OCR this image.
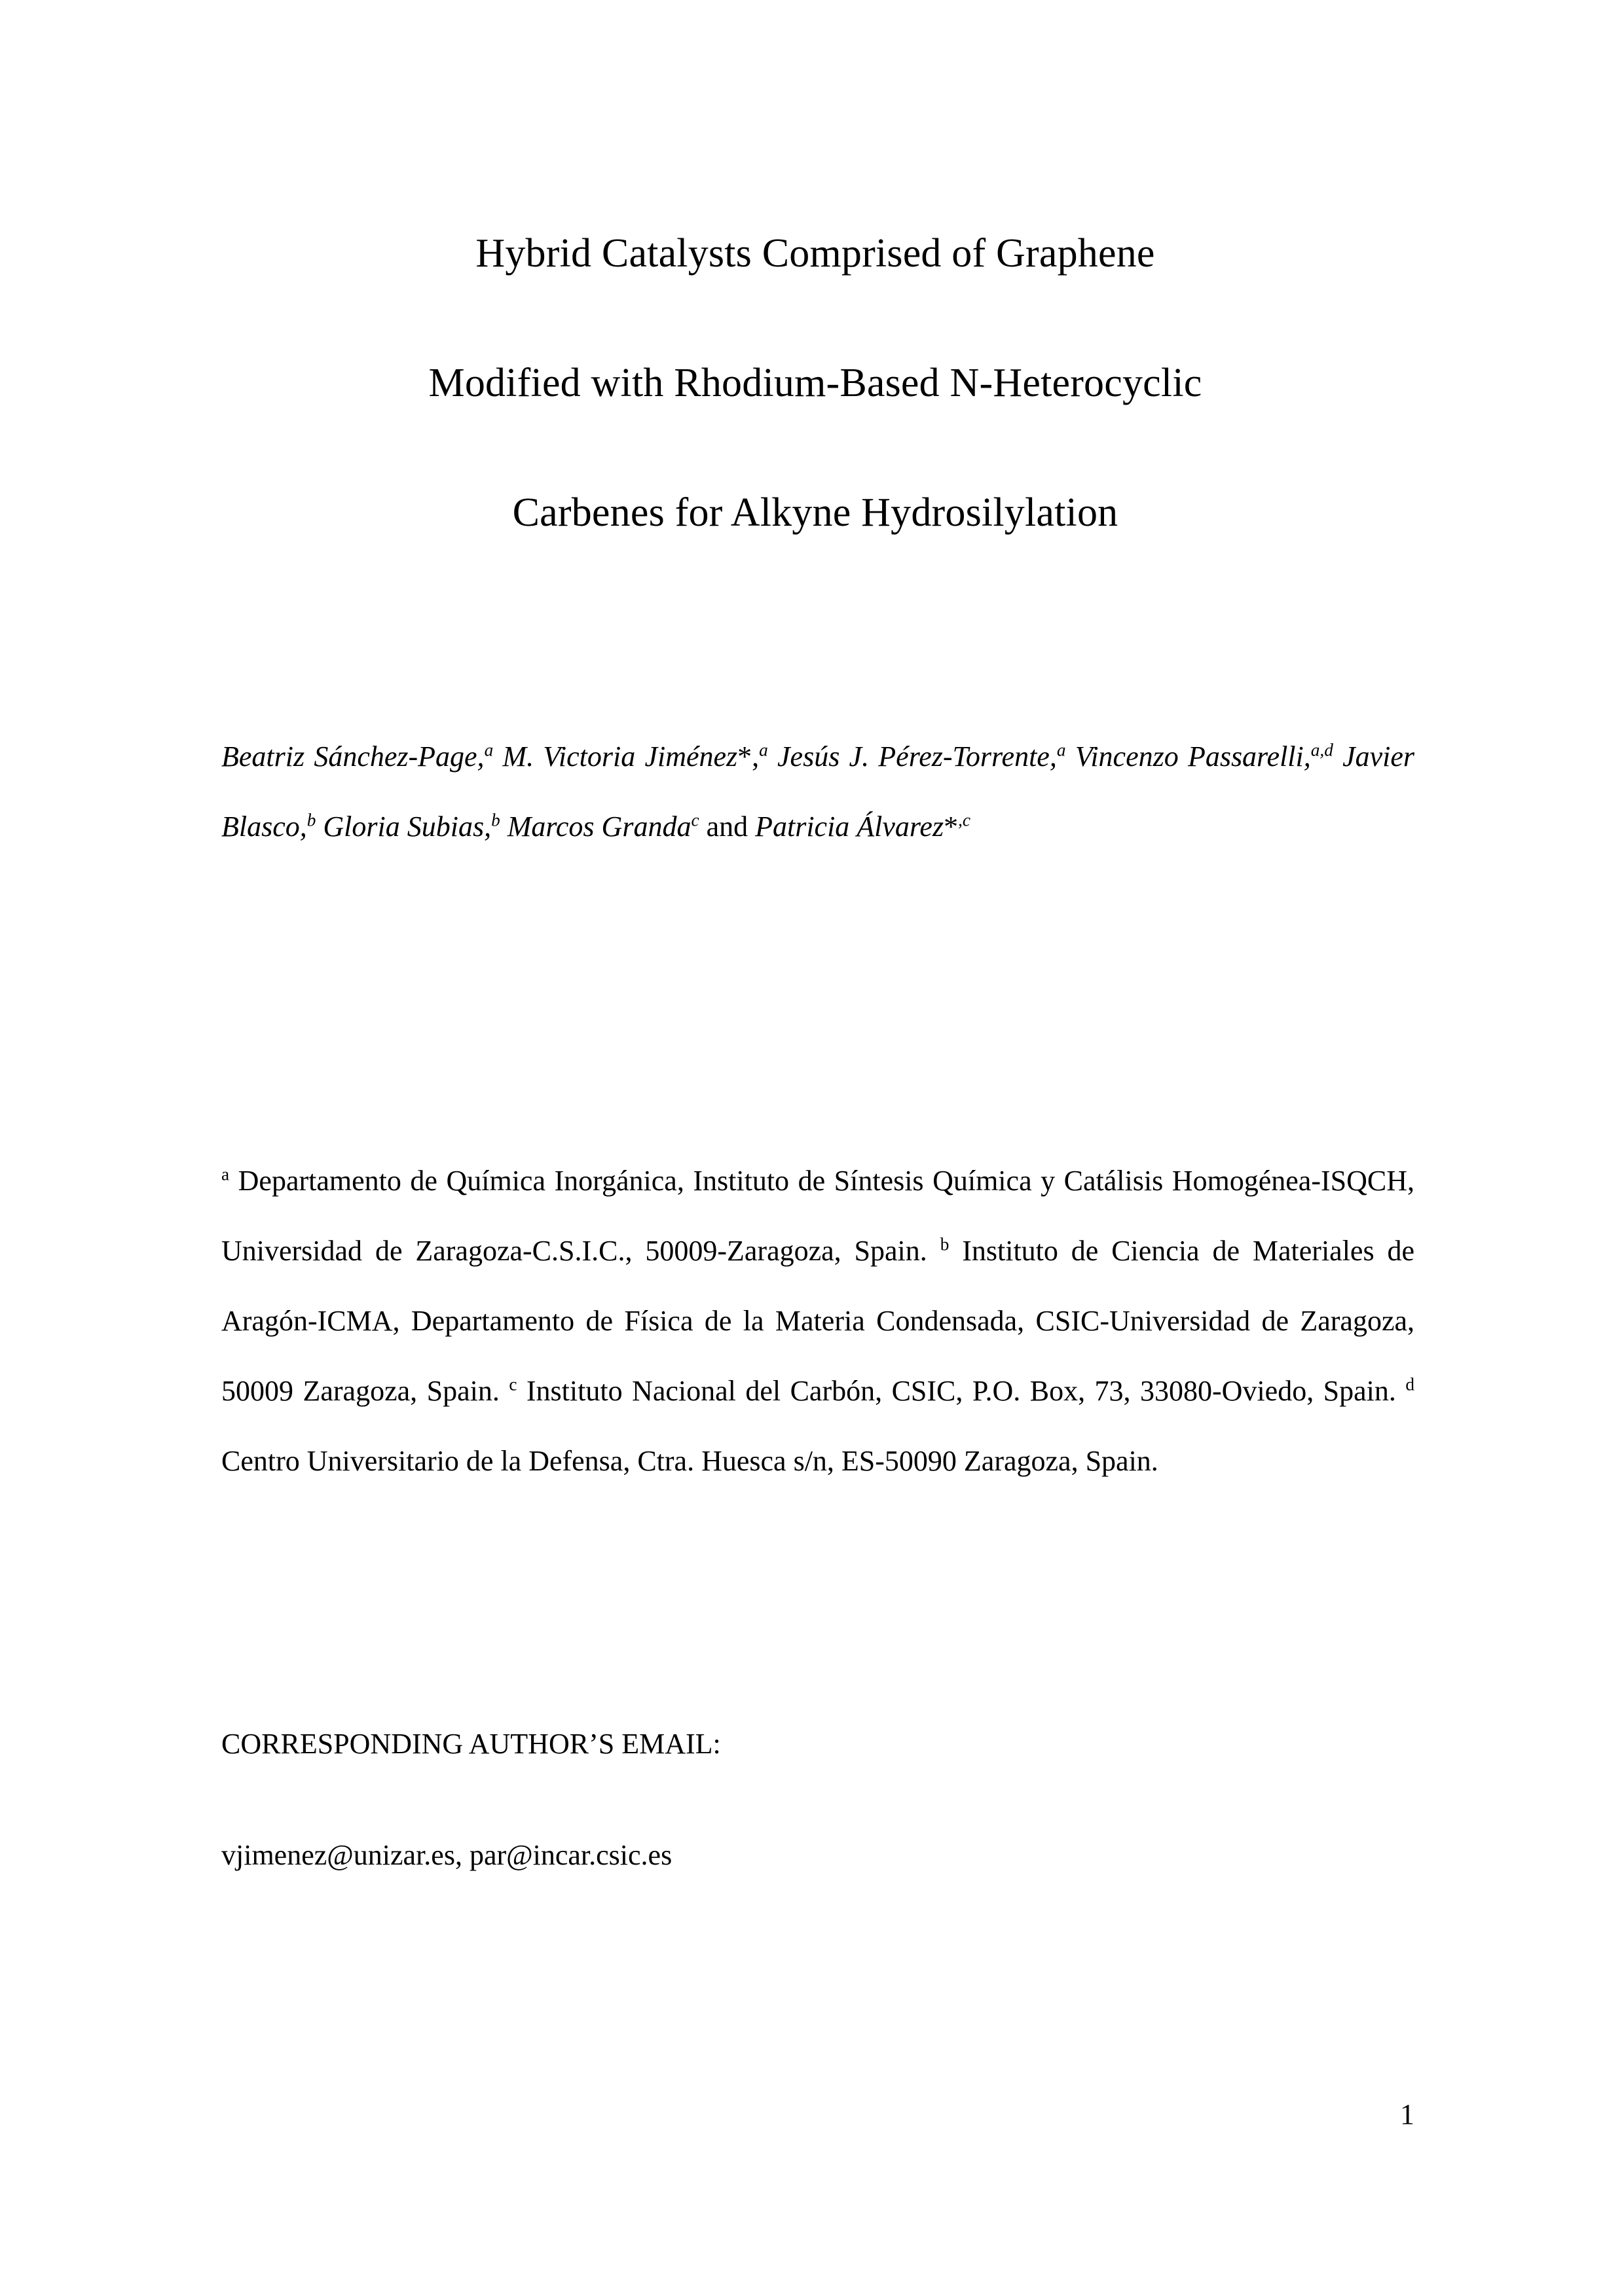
Hybrid Catalysts Comprised of Graphene
Modified with Rhodium-Based N-Heterocyclic
Carbenes for Alkyne Hydrosilylation

Beatriz Sánchez-Page,$^a$ M. Victoria Jiménez*,$^a$ Jesús J. Pérez-Torrente,$^a$ Vincenzo Passarelli,$^{a,d}$ Javier Blasco,$^b$ Gloria Subias,$^b$ Marcos Granda$^c$ and Patricia Álvarez*$^{,c}$

$^a$ Departamento de Química Inorgánica, Instituto de Síntesis Química y Catálisis Homogénea-ISQCH, Universidad de Zaragoza-C.S.I.C., 50009-Zaragoza, Spain. $^b$ Instituto de Ciencia de Materiales de Aragón-ICMA, Departamento de Física de la Materia Condensada, CSIC-Universidad de Zaragoza, 50009 Zaragoza, Spain. $^c$ Instituto Nacional del Carbón, CSIC, P.O. Box, 73, 33080-Oviedo, Spain. $^d$ Centro Universitario de la Defensa, Ctra. Huesca s/n, ES-50090 Zaragoza, Spain.

CORRESPONDING AUTHOR’S EMAIL:
vjimenez@unizar.es, par@incar.csic.es
1
